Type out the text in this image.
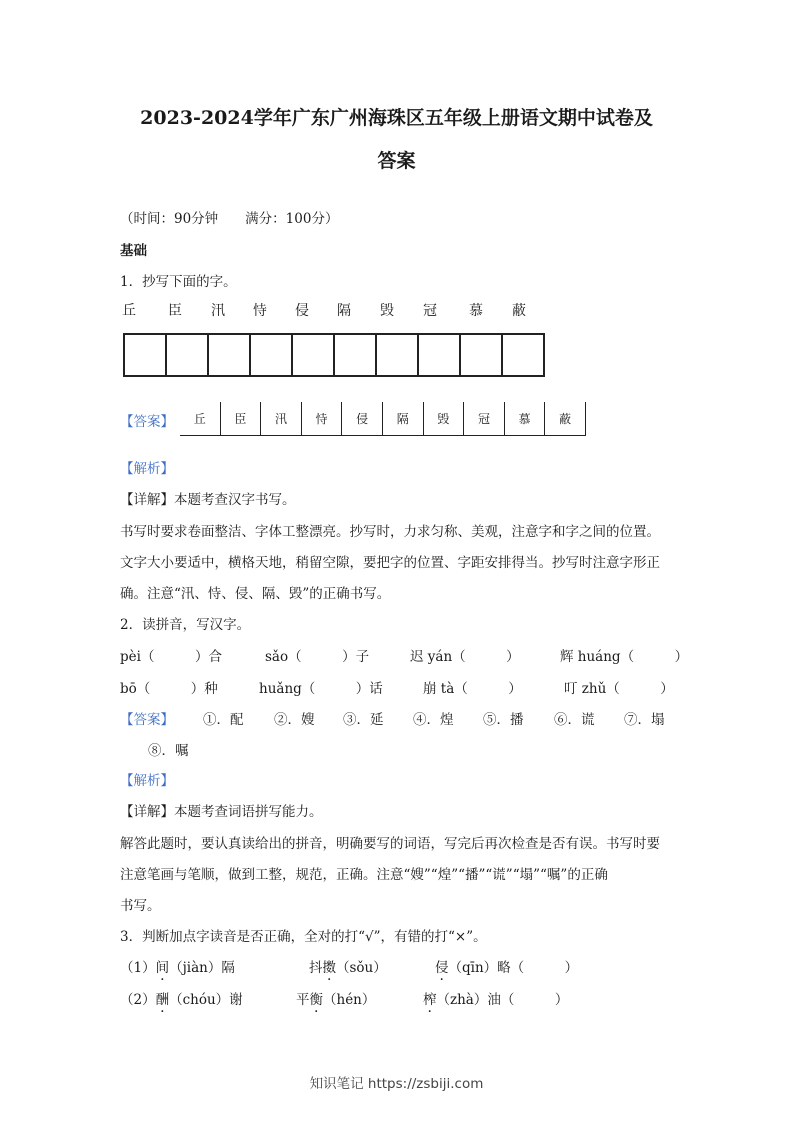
2023-2024学年广东广州海珠区五年级上册语文期中试卷及
答案
（时间：90分钟　　满分：100分）
基础
1．抄写下面的字。
丘 臣 汛 恃 侵 隔 毁 冠 慕 蔽
【答案】	丘	臣	汛	恃	侵	隔	毁	冠	慕	蔽
【解析】
【详解】本题考查汉字书写。
书写时要求卷面整洁、字体工整漂亮。抄写时，力求匀称、美观，注意字和字之间的位置。
文字大小要适中，横格天地，稍留空隙，要把字的位置、字距安排得当。抄写时注意字形正
确。注意“汛、恃、侵、隔、毁”的正确书写。
2．读拼音，写汉字。
pèi（　　　）合	sǎo（　　　）子	迟 yán（　　　）	辉 huáng（　　　）
bō（　　　）种	huǎng（　　　）话	崩 tà（　　　）	叮 zhǔ（　　　）
【答案】 ①．配 ②．嫂 ③．延 ④．煌 ⑤．播 ⑥．谎 ⑦．塌
⑧．嘱
【解析】
【详解】本题考查词语拼写能力。
解答此题时，要认真读给出的拼音，明确要写的词语，写完后再次检查是否有误。书写时要
注意笔画与笔顺，做到工整，规范，正确。注意“嫂”“煌”“播”“谎”“塌”“嘱”的正确
书写。
3．判断加点字读音是否正确，全对的打“√”，有错的打“×”。
（1）间（jiàn）隔	抖擞（sǒu）	侵（qīn）略（　　　）
（2）酬（chóu）谢	平衡（hén）	榨（zhà）油（　　　）
知识笔记 https://zsbiji.com
